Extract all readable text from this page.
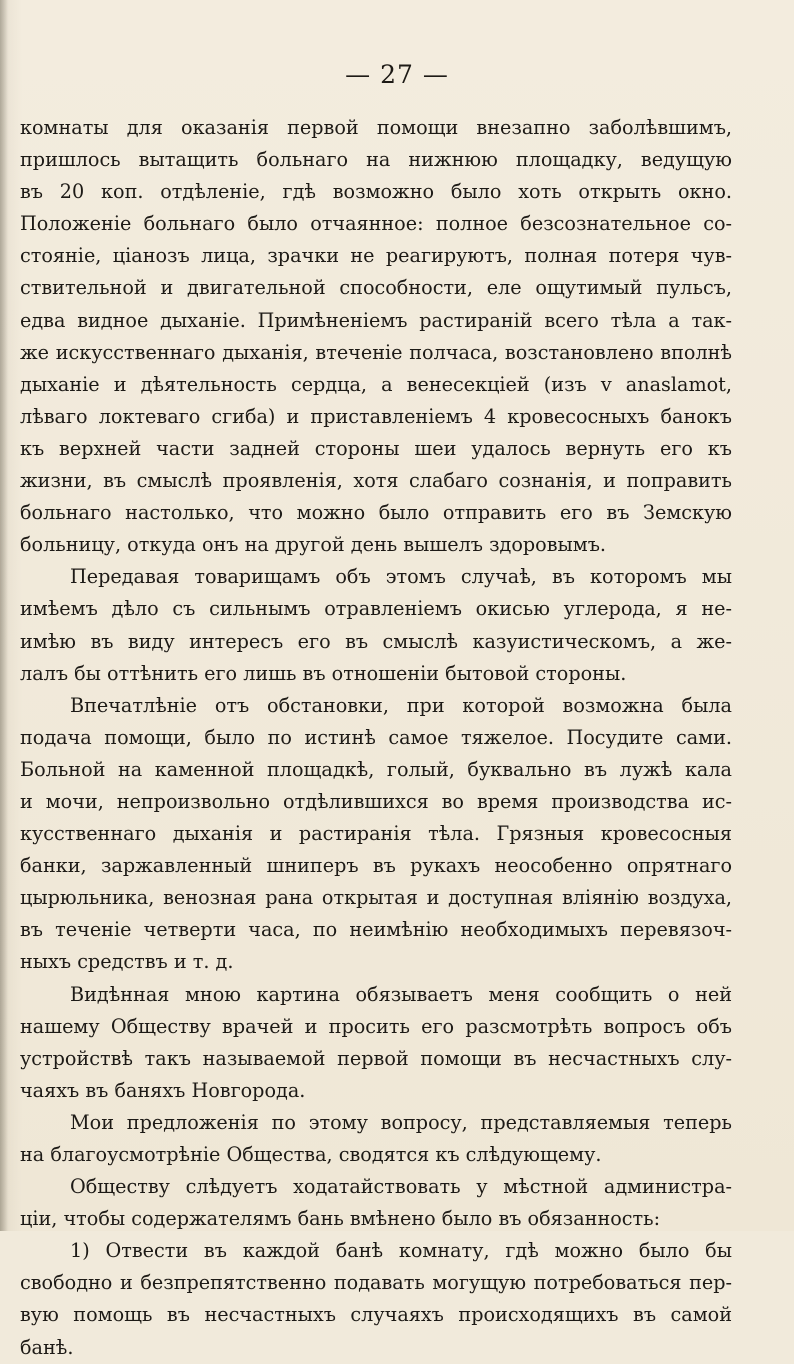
— 27 —
комнаты для оказанія первой помощи внезапно заболѣвшимъ,
пришлось вытащить больнаго на нижнюю площадку, ведущую
въ 20 коп. отдѣленіе, гдѣ возможно было хоть открыть окно.
Положеніе больнаго было отчаянное: полное безсознательное со-
стояніе, ціанозъ лица, зрачки не реагируютъ, полная потеря чув-
ствительной и двигательной способности, еле ощутимый пульсъ,
едва видное дыханіе. Примѣненіемъ растираній всего тѣла а так-
же искусственнаго дыханія, втеченіе полчаса, возстановлено вполнѣ
дыханіе и дѣятельность сердца, а венесекціей (изъ v anaslamot,
лѣваго локтеваго сгиба) и приставленіемъ 4 кровесосныхъ банокъ
къ верхней части задней стороны шеи удалось вернуть его къ
жизни, въ смыслѣ проявленія, хотя слабаго сознанія, и поправить
больнаго настолько, что можно было отправить его въ Земскую
больницу, откуда онъ на другой день вышелъ здоровымъ.
Передавая товарищамъ объ этомъ случаѣ, въ которомъ мы
имѣемъ дѣло съ сильнымъ отравленіемъ окисью углерода, я не-
имѣю въ виду интересъ его въ смыслѣ казуистическомъ, а же-
лалъ бы оттѣнить его лишь въ отношеніи бытовой стороны.
Впечатлѣніе отъ обстановки, при которой возможна была
подача помощи, было по истинѣ самое тяжелое. Посудите сами.
Больной на каменной площадкѣ, голый, буквально въ лужѣ кала
и мочи, непроизвольно отдѣлившихся во время производства ис-
кусственнаго дыханія и растиранія тѣла. Грязныя кровесосныя
банки, заржавленный шниперъ въ рукахъ неособенно опрятнаго
цырюльника, венозная рана открытая и доступная вліянію воздуха,
въ теченіе четверти часа, по неимѣнію необходимыхъ перевязоч-
ныхъ средствъ и т. д.
Видѣнная мною картина обязываетъ меня сообщить о ней
нашему Обществу врачей и просить его разсмотрѣть вопросъ объ
устройствѣ такъ называемой первой помощи въ несчастныхъ слу-
чаяхъ въ баняхъ Новгорода.
Мои предложенія по этому вопросу, представляемыя теперь
на благоусмотрѣніе Общества, сводятся къ слѣдующему.
Обществу слѣдуетъ ходатайствовать у мѣстной администра-
ціи, чтобы содержателямъ бань вмѣнено было въ обязанность:
1) Отвести въ каждой банѣ комнату, гдѣ можно было бы
свободно и безпрепятственно подавать могущую потребоваться пер-
вую помощь въ несчастныхъ случаяхъ происходящихъ въ самой
банѣ.
